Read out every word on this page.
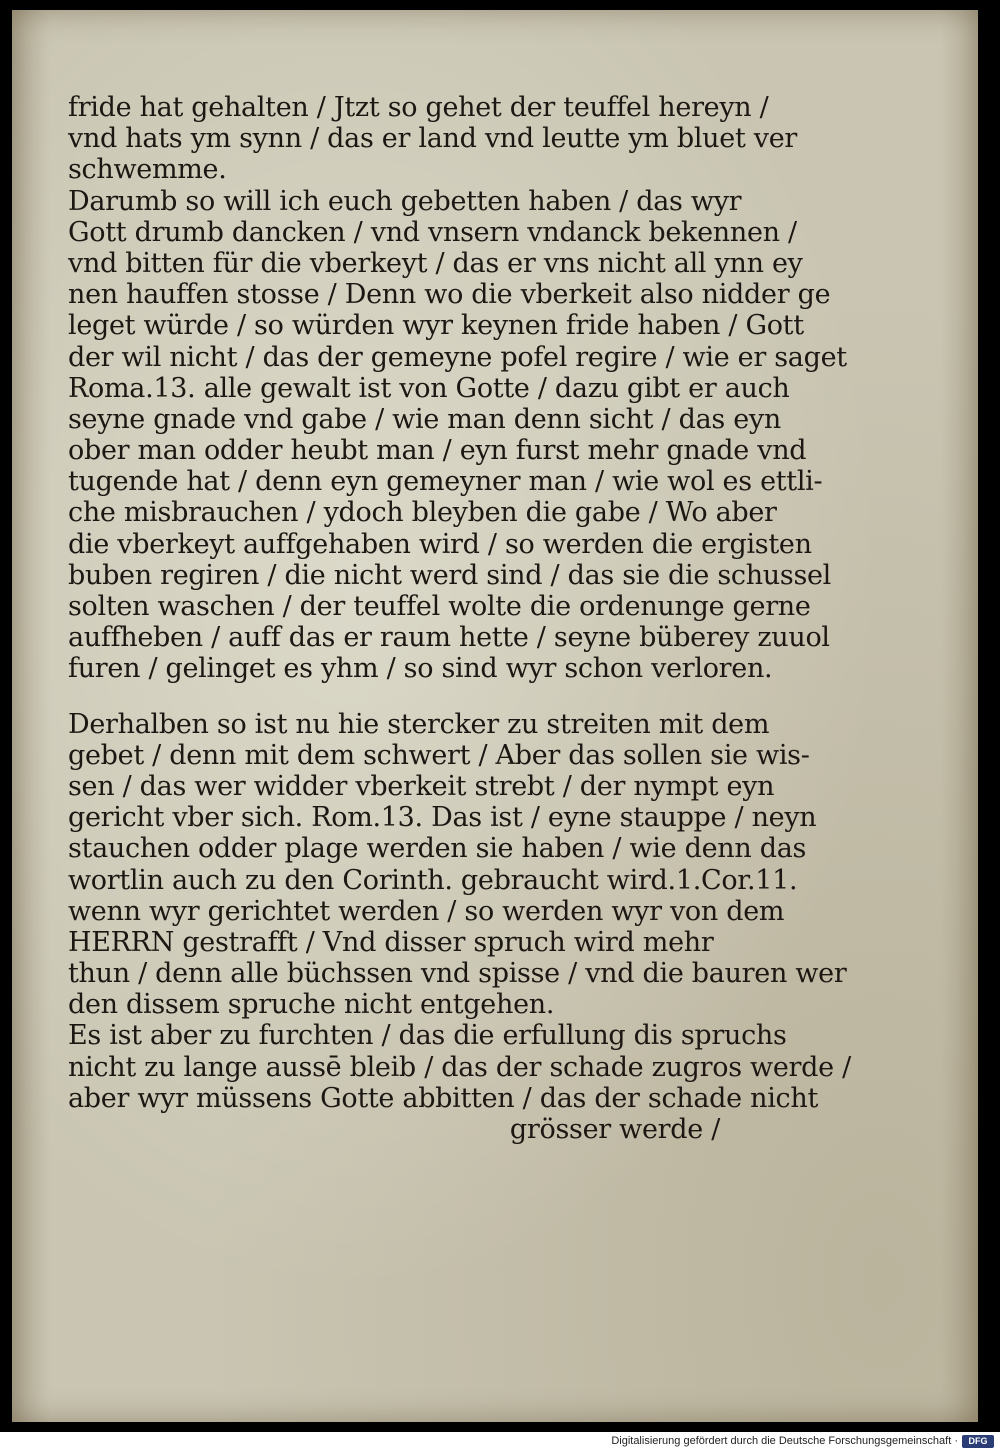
fride hat gehalten / Jtzt so gehet der teuffel hereyn /
vnd hats ym synn / das er land vnd leutte ym bluet ver
schwemme.
Darumb so will ich euch gebetten haben / das wyr
Gott drumb dancken / vnd vnsern vndanck bekennen /
vnd bitten für die vberkeyt / das er vns nicht all ynn ey
nen hauffen stosse / Denn wo die vberkeit also nidder ge
leget würde / so würden wyr keynen fride haben / Gott
der wil nicht / das der gemeyne pofel regire / wie er saget
Roma.13. alle gewalt ist von Gotte / dazu gibt er auch
seyne gnade vnd gabe / wie man denn sicht / das eyn
ober man odder heubt man / eyn furst mehr gnade vnd
tugende hat / denn eyn gemeyner man / wie wol es ettli-
che misbrauchen / ydoch bleyben die gabe / Wo aber
die vberkeyt auffgehaben wird / so werden die ergisten
buben regiren / die nicht werd sind / das sie die schussel
solten waschen / der teuffel wolte die ordenunge gerne
auffheben / auff das er raum hette / seyne büberey zuuol
furen / gelinget es yhm / so sind wyr schon verloren.
Derhalben so ist nu hie stercker zu streiten mit dem
gebet / denn mit dem schwert / Aber das sollen sie wis-
sen / das wer widder vberkeit strebt / der nympt eyn
gericht vber sich. Rom.13. Das ist / eyne stauppe / neyn
stauchen odder plage werden sie haben / wie denn das
wortlin auch zu den Corinth. gebraucht wird.1.Cor.11.
wenn wyr gerichtet werden / so werden wyr von dem
HERRN gestrafft / Vnd disser spruch wird mehr
thun / denn alle büchssen vnd spisse / vnd die bauren wer
den dissem spruche nicht entgehen.
Es ist aber zu furchten / das die erfullung dis spruchs
nicht zu lange aussē bleib / das der schade zugros werde /
aber wyr müssens Gotte abbitten / das der schade nicht
grösser werde /
Digitalisierung gefördert durch die Deutsche Forschungsgemeinschaft ·	DFG
